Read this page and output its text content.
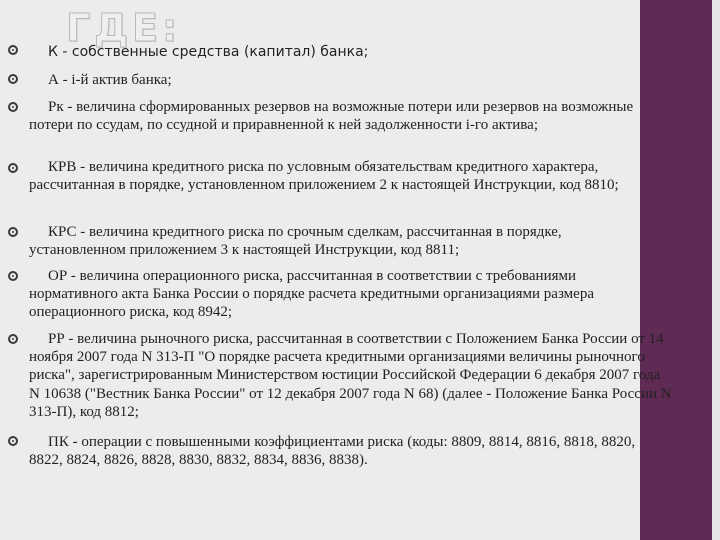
ГДЕ:
К - собственные средства (капитал) банка;
А - i-й актив банка;
Рк - величина сформированных резервов на возможные потери или резервов на возможные потери по ссудам, по ссудной и приравненной к ней задолженности i-го актива;
КРВ - величина кредитного риска по условным обязательствам кредитного характера, рассчитанная в порядке, установленном приложением 2 к настоящей Инструкции, код 8810;
КРС - величина кредитного риска по срочным сделкам, рассчитанная в порядке, установленном приложением 3 к настоящей Инструкции, код 8811;
ОР - величина операционного риска, рассчитанная в соответствии с требованиями нормативного акта Банка России о порядке расчета кредитными организациями размера операционного риска, код 8942;
РР - величина рыночного риска, рассчитанная в соответствии с Положением Банка России от 14 ноября 2007 года N 313-П "О порядке расчета кредитными организациями величины рыночного риска", зарегистрированным Министерством юстиции Российской Федерации 6 декабря 2007 года N 10638 ("Вестник Банка России" от 12 декабря 2007 года N 68) (далее - Положение Банка России N 313-П), код 8812;
ПК - операции с повышенными коэффициентами риска (коды: 8809, 8814, 8816, 8818, 8820, 8822, 8824, 8826, 8828, 8830, 8832, 8834, 8836, 8838).
